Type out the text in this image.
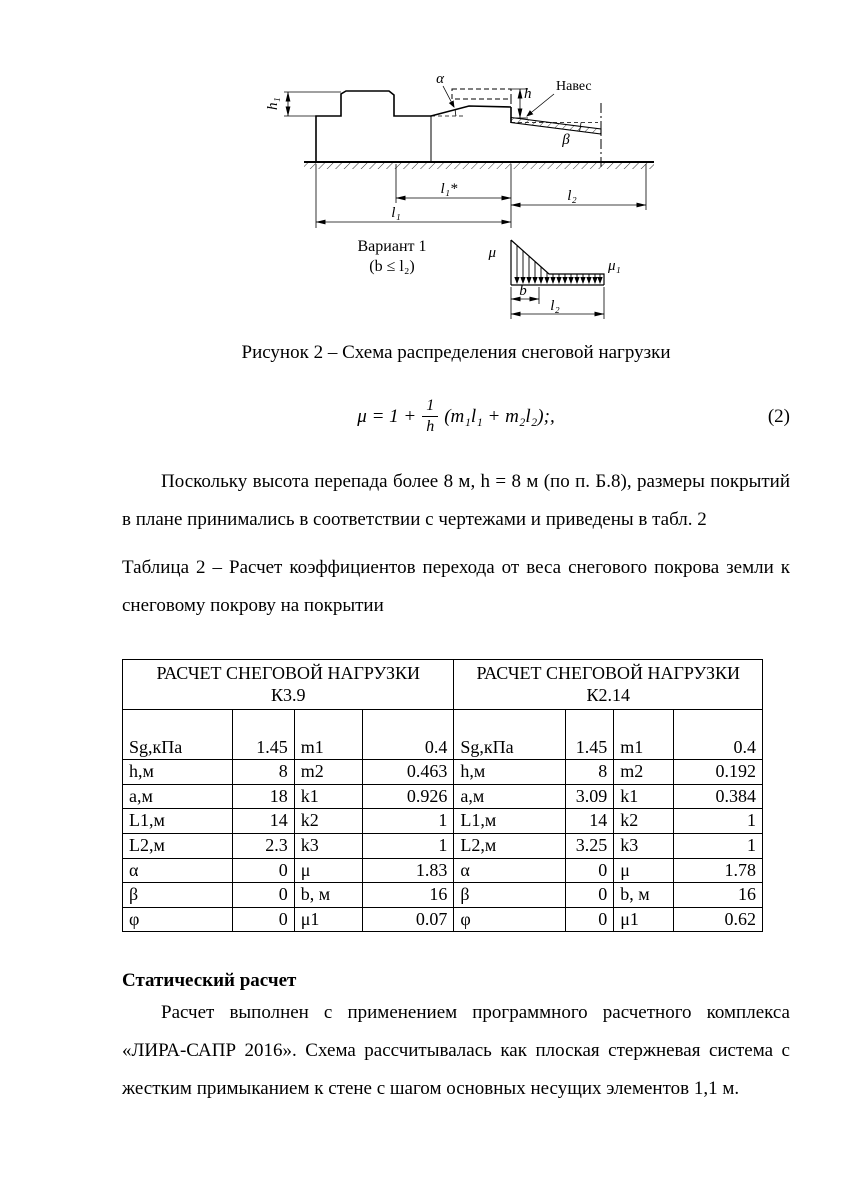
h₁
α
h Навес
β
l₁*	l₂
l₁
Вариант 1
(b ≤ l₂)
μ
μ₁
b
l₂

Рисунок 2 – Схема распределения снеговой нагрузки

$\mu = 1 + \frac{1}{h} (m_1l_1 + m_2l_2)$;,	(2)

Поскольку высота перепада более 8 м, h = 8 м (по п. Б.8), размеры покрытий в плане принимались в соответствии с чертежами и приведены в табл. 2

Таблица 2 – Расчет коэффициентов перехода от веса снегового покрова земли к снеговому покрову на покрытии

РАСЧЕТ СНЕГОВОЙ НАГРУЗКИ К3.9				РАСЧЕТ СНЕГОВОЙ НАГРУЗКИ К2.14			
Sg,кПа	1.45	m1	0.4	Sg,кПа	1.45	m1	0.4
h,м	8	m2	0.463	h,м	8	m2	0.192
a,м	18	k1	0.926	a,м	3.09	k1	0.384
L1,м	14	k2	1	L1,м	14	k2	1
L2,м	2.3	k3	1	L2,м	3.25	k3	1
α	0	μ	1.83	α	0	μ	1.78
β	0	b, м	16	β	0	b, м	16
φ	0	μ1	0.07	φ	0	μ1	0.62

Статический расчет

Расчет выполнен с применением программного расчетного комплекса «ЛИРА-САПР 2016». Схема рассчитывалась как плоская стержневая система с жестким примыканием к стене с шагом основных несущих элементов 1,1 м.
